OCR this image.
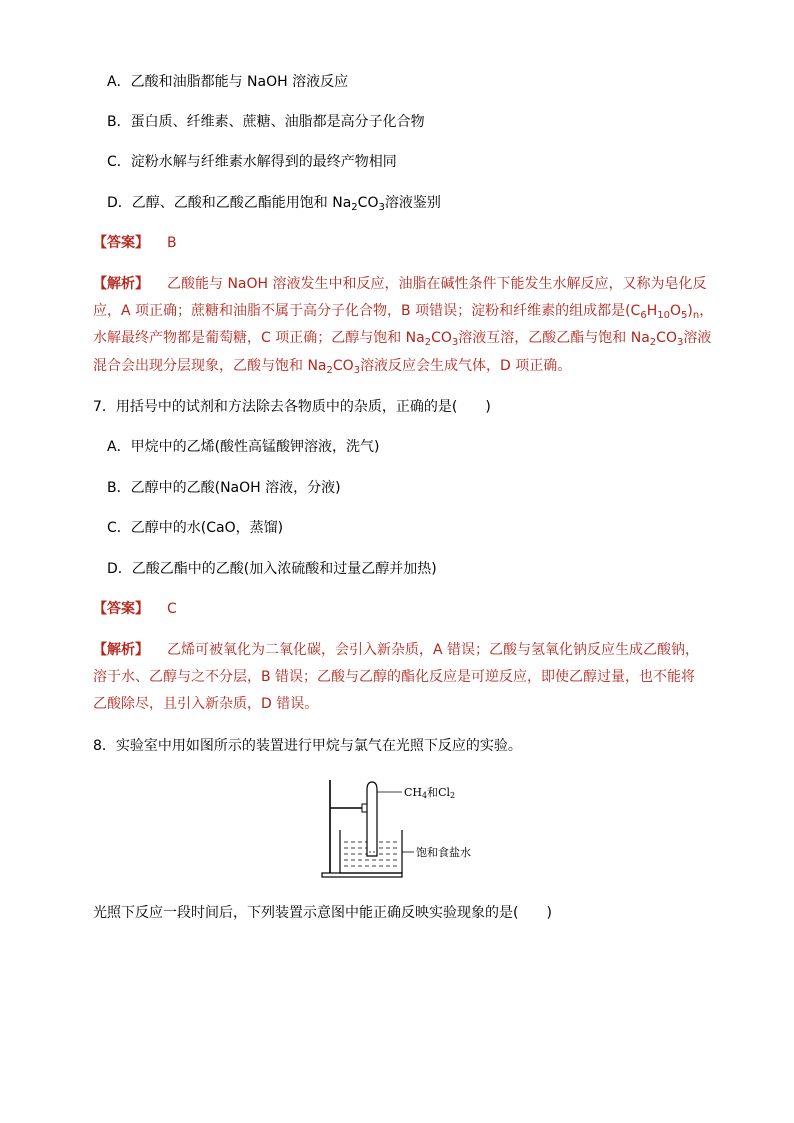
A．乙酸和油脂都能与 NaOH 溶液反应
B．蛋白质、纤维素、蔗糖、油脂都是高分子化合物
C．淀粉水解与纤维素水解得到的最终产物相同
D．乙醇、乙酸和乙酸乙酯能用饱和 $Na_2CO_3$溶液鉴别
【答案】 B
【解析】 乙酸能与 NaOH 溶液发生中和反应，油脂在碱性条件下能发生水解反应，又称为皂化反
应，A 项正确；蔗糖和油脂不属于高分子化合物，B 项错误；淀粉和纤维素的组成都是$(C_6H_{10}O_5)_n$，
水解最终产物都是葡萄糖，C 项正确；乙醇与饱和 $Na_2CO_3$溶液互溶，乙酸乙酯与饱和 $Na_2CO_3$溶液
混合会出现分层现象，乙酸与饱和 $Na_2CO_3$溶液反应会生成气体，D 项正确。
7．用括号中的试剂和方法除去各物质中的杂质，正确的是(　　)
A．甲烷中的乙烯(酸性高锰酸钾溶液，洗气)
B．乙醇中的乙酸(NaOH 溶液，分液)
C．乙醇中的水(CaO，蒸馏)
D．乙酸乙酯中的乙酸(加入浓硫酸和过量乙醇并加热)
【答案】 C
【解析】 乙烯可被氧化为二氧化碳，会引入新杂质，A 错误；乙酸与氢氧化钠反应生成乙酸钠，
溶于水、乙醇与之不分层，B 错误；乙酸与乙醇的酯化反应是可逆反应，即使乙醇过量，也不能将
乙酸除尽，且引入新杂质，D 错误。
8．实验室中用如图所示的装置进行甲烷与氯气在光照下反应的实验。
CH4和Cl2
饱和食盐水
光照下反应一段时间后，下列装置示意图中能正确反映实验现象的是(　　)
